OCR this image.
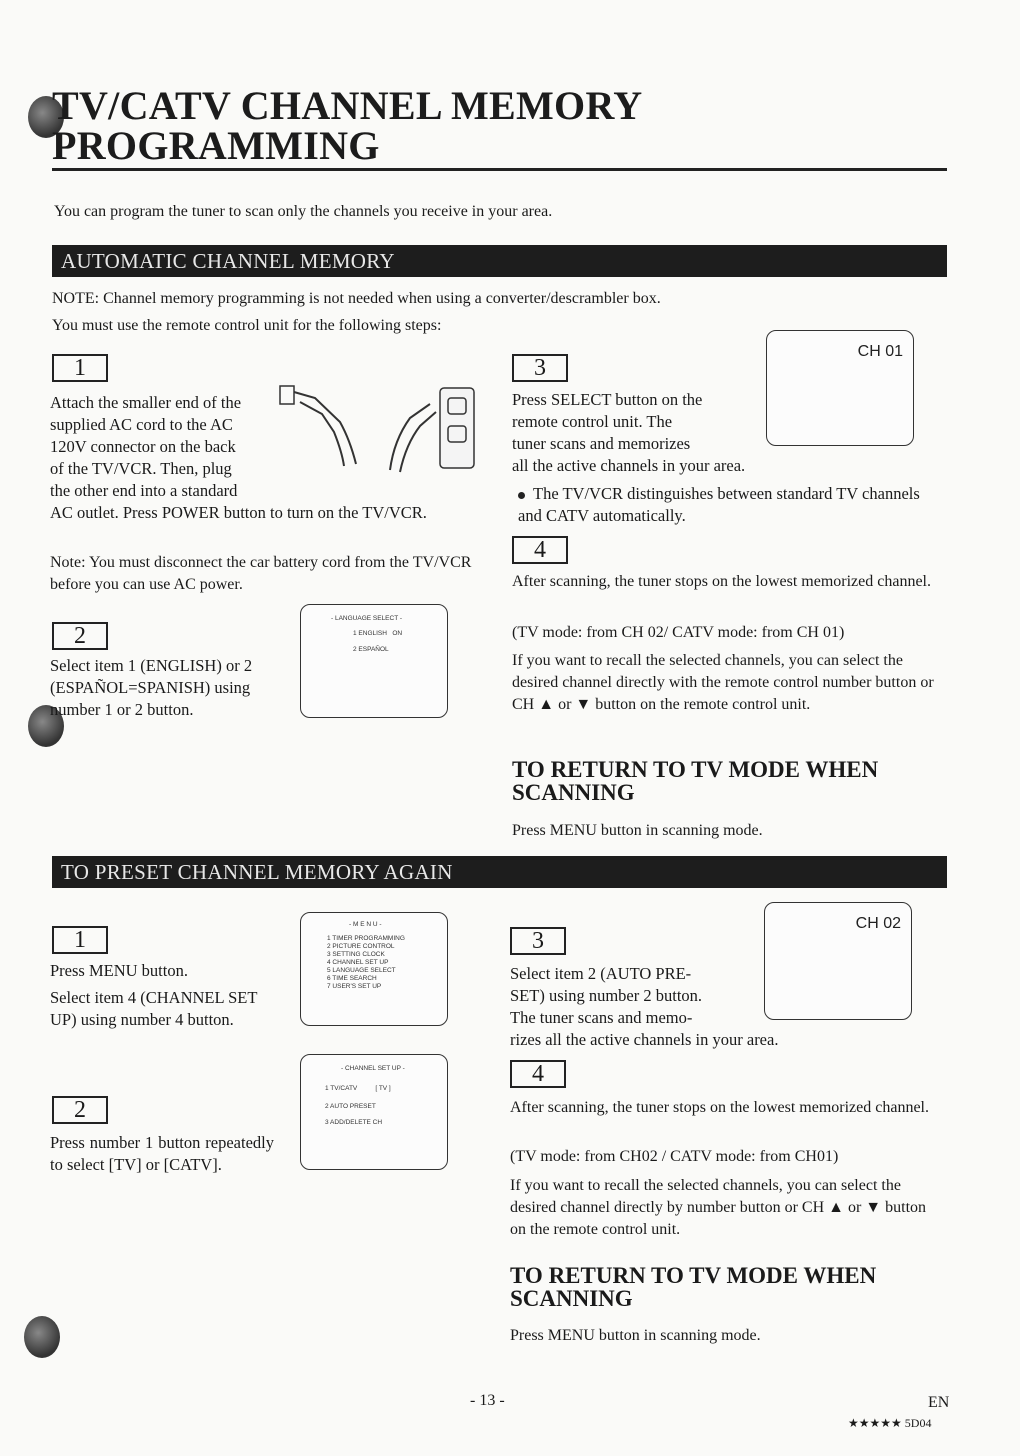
TV/CATV CHANNEL MEMORY
PROGRAMMING
You can program the tuner to scan only the channels you receive in your area.
AUTOMATIC CHANNEL MEMORY
NOTE: Channel memory programming is not needed when using a converter/descrambler box.
You must use the remote control unit for the following steps:
1

Attach the smaller end of the

supplied AC cord to the AC

120V connector on the back

of the TV/VCR. Then, plug

the other end into a standard

AC outlet. Press POWER button to turn on the TV/VCR.

Note: You must disconnect the car battery cord from the TV/VCR before you can use AC power.

2

Select item 1 (ENGLISH) or 2 (ESPAÑOL=SPANISH) using number 1 or 2 button.

- LANGUAGE SELECT -
1 ENGLISH   ON
2 ESPAÑOL
3
CH 01

Press SELECT button on the

remote control unit. The

tuner scans and memorizes

all the active channels in your area.

The TV/VCR distinguishes between standard TV channels and CATV automatically.
4

After scanning, the tuner stops on the lowest memorized channel.

(TV mode: from CH 02/ CATV mode: from CH 01)

If you want to recall the selected channels, you can select the desired channel directly with the remote control number button or CH ▲ or ▼ button on the remote control unit.

TO RETURN TO TV MODE WHEN SCANNING

Press MENU button in scanning mode.

TO PRESET CHANNEL MEMORY AGAIN
1

Press MENU button.

Select item 4 (CHANNEL SET UP) using number 4 button.

- M E N U -
1 TIMER PROGRAMMING
2 PICTURE CONTROL
3 SETTING CLOCK
4 CHANNEL SET UP
5 LANGUAGE SELECT
6 TIME SEARCH
7 USER'S SET UP
2

Press number 1 button repeatedly to select [TV] or [CATV].

- CHANNEL SET UP -
1 TV/CATV          [ TV ]
2 AUTO PRESET
3 ADD/DELETE CH
3
CH 02

Select item 2 (AUTO PRE-

SET) using number 2 button.

The tuner scans and memo-

rizes all the active channels in your area.

4

After scanning, the tuner stops on the lowest memorized channel.

(TV mode: from CH02 / CATV mode: from CH01)

If you want to recall the selected channels, you can select the desired channel directly by number button or CH ▲ or ▼ button on the remote control unit.

TO RETURN TO TV MODE WHEN SCANNING

Press MENU button in scanning mode.

- 13 -	EN
★★★★★ 5D04
